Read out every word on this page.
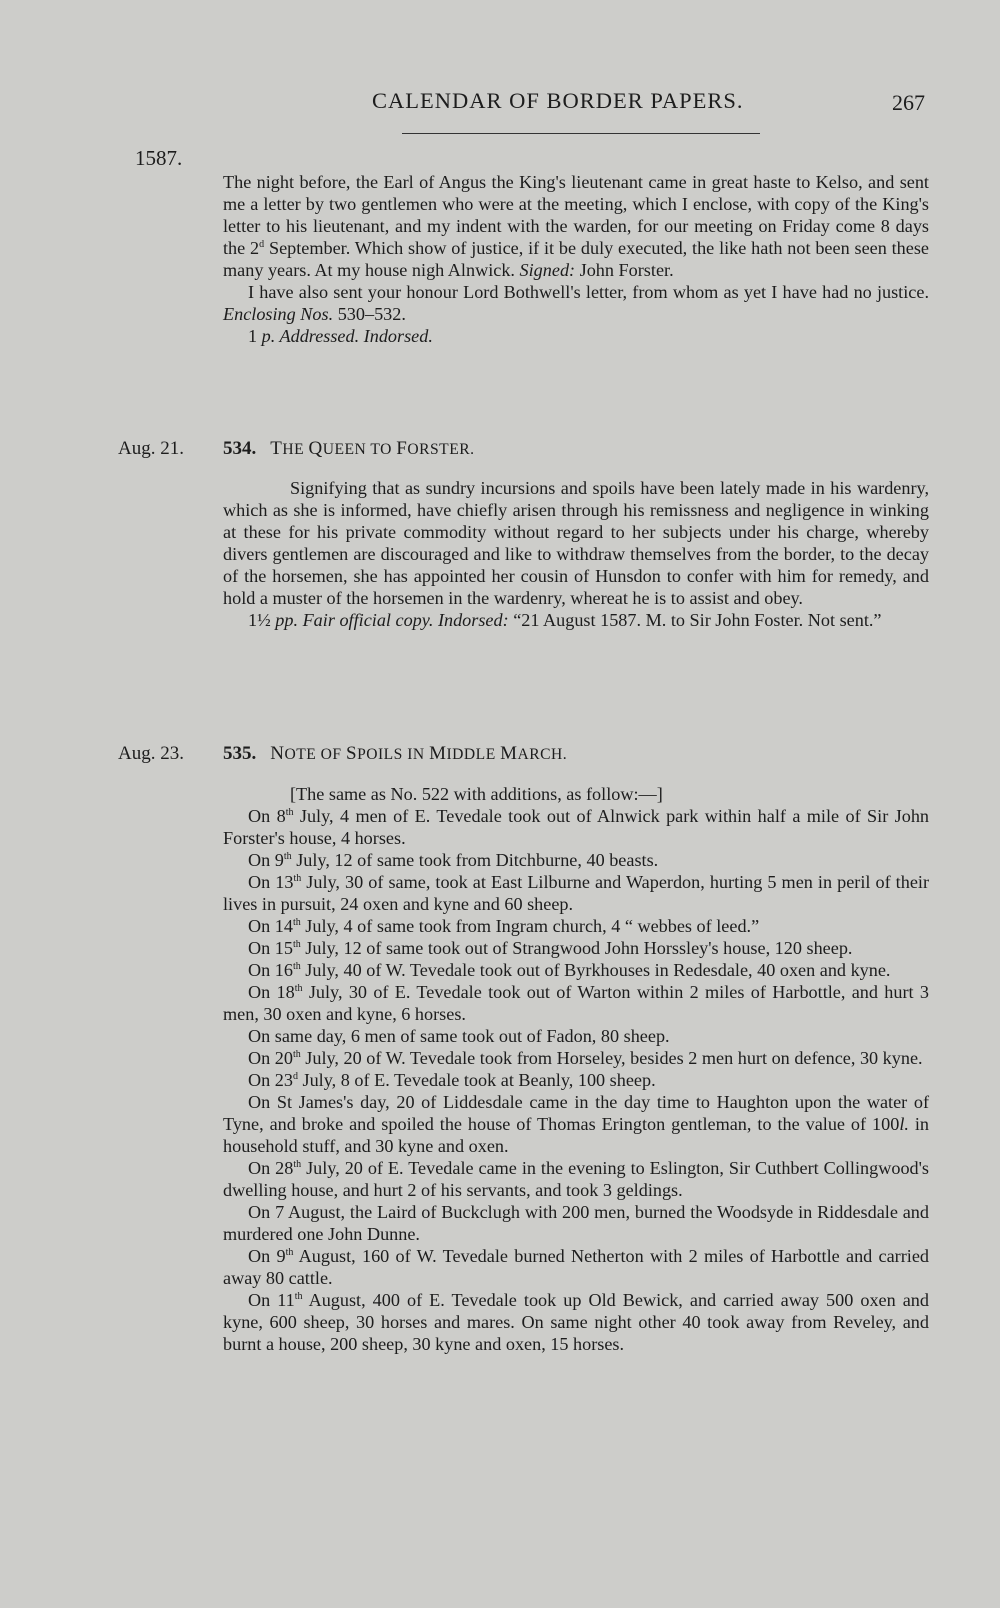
CALENDAR OF BORDER PAPERS.	267
1587.

The night before, the Earl of Angus the King's lieutenant came in great haste to Kelso, and sent me a letter by two gentlemen who were at the meeting, which I enclose, with copy of the King's letter to his lieutenant, and my indent with the warden, for our meeting on Friday come 8 days the 2$^d$ September. Which show of justice, if it be duly executed, the like hath not been seen these many years. At my house nigh Alnwick. Signed: John Forster.

I have also sent your honour Lord Bothwell's letter, from whom as yet I have had no justice. Enclosing Nos. 530–532.

1 p. Addressed. Indorsed.

Aug. 21. 534. THE QUEEN TO FORSTER.

Signifying that as sundry incursions and spoils have been lately made in his wardenry, which as she is informed, have chiefly arisen through his remissness and negligence in winking at these for his private commodity without regard to her subjects under his charge, whereby divers gentlemen are discouraged and like to withdraw themselves from the border, to the decay of the horsemen, she has appointed her cousin of Hunsdon to confer with him for remedy, and hold a muster of the horsemen in the wardenry, whereat he is to assist and obey.

1½ pp. Fair official copy. Indorsed: “21 August 1587. M. to Sir John Foster. Not sent.”

Aug. 23. 535. NOTE OF SPOILS IN MIDDLE MARCH.

[The same as No. 522 with additions, as follow:—]

On 8th July, 4 men of E. Tevedale took out of Alnwick park within half a mile of Sir John Forster's house, 4 horses.

On 9th July, 12 of same took from Ditchburne, 40 beasts.

On 13th July, 30 of same, took at East Lilburne and Waperdon, hurting 5 men in peril of their lives in pursuit, 24 oxen and kyne and 60 sheep.

On 14th July, 4 of same took from Ingram church, 4 “ webbes of leed.”

On 15th July, 12 of same took out of Strangwood John Horssley's house, 120 sheep.

On 16th July, 40 of W. Tevedale took out of Byrkhouses in Redesdale, 40 oxen and kyne.

On 18th July, 30 of E. Tevedale took out of Warton within 2 miles of Harbottle, and hurt 3 men, 30 oxen and kyne, 6 horses.

On same day, 6 men of same took out of Fadon, 80 sheep.

On 20th July, 20 of W. Tevedale took from Horseley, besides 2 men hurt on defence, 30 kyne.

On 23$^d$ July, 8 of E. Tevedale took at Beanly, 100 sheep.

On St James's day, 20 of Liddesdale came in the day time to Haughton upon the water of Tyne, and broke and spoiled the house of Thomas Erington gentleman, to the value of 100l. in household stuff, and 30 kyne and oxen.

On 28th July, 20 of E. Tevedale came in the evening to Eslington, Sir Cuthbert Collingwood's dwelling house, and hurt 2 of his servants, and took 3 geldings.

On 7 August, the Laird of Buckclugh with 200 men, burned the Woodsyde in Riddesdale and murdered one John Dunne.

On 9th August, 160 of W. Tevedale burned Netherton with 2 miles of Harbottle and carried away 80 cattle.

On 11th August, 400 of E. Tevedale took up Old Bewick, and carried away 500 oxen and kyne, 600 sheep, 30 horses and mares. On same night other 40 took away from Reveley, and burnt a house, 200 sheep, 30 kyne and oxen, 15 horses.
